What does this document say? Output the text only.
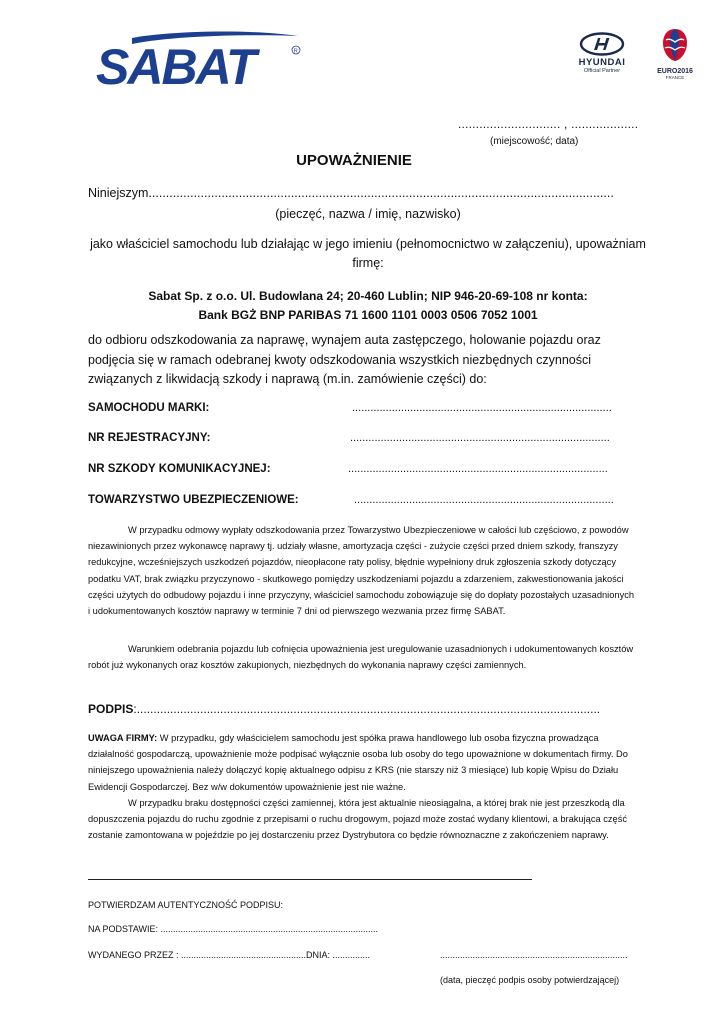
SABAT	R
HYUNDAI
Official Partner	EURO2016
FRANCE
............................. , ...................
(miejscowość; data)
UPOWAŻNIENIE
Niniejszym......................................................................................................................................
(pieczęć, nazwa / imię, nazwisko)
jako właściciel samochodu lub działając w jego imieniu (pełnomocnictwo w załączeniu), upoważniam firmę:
Sabat Sp. z o.o. Ul. Budowlana 24; 20-460 Lublin; NIP 946-20-69-108 nr konta:
Bank BGŻ BNP PARIBAS 71 1600 1101 0003 0506 7052 1001
do odbioru odszkodowania za naprawę, wynajem auta zastępczego, holowanie pojazdu oraz podjęcia się w ramach odebranej kwoty odszkodowania wszystkich niezbędnych czynności związanych z likwidacją szkody i naprawą (m.in. zamówienie części) do:
SAMOCHODU MARKI:	.....................................................................................
NR REJESTRACYJNY:	.....................................................................................
NR SZKODY KOMUNIKACYJNEJ:	.....................................................................................
TOWARZYSTWO UBEZPIECZENIOWE:	.....................................................................................
W przypadku odmowy wypłaty odszkodowania przez Towarzystwo Ubezpieczeniowe w całości lub częściowo, z powodów niezawinionych przez wykonawcę naprawy tj. udziały własne, amortyzacja części - zużycie części przed dniem szkody, franszyzy redukcyjne, wcześniejszych uszkodzeń pojazdów, nieopłacone raty polisy, błędnie wypełniony druk zgłoszenia szkody dotyczący podatku VAT, brak związku przyczynowo - skutkowego pomiędzy uszkodzeniami pojazdu a zdarzeniem, zakwestionowania jakości części użytych do odbudowy pojazdu i inne przyczyny, właściciel samochodu zobowiązuje się do dopłaty pozostałych uzasadnionych i udokumentowanych kosztów naprawy w terminie 7 dni od pierwszego wezwania przez firmę SABAT.
Warunkiem odebrania pojazdu lub cofnięcia upoważnienia jest uregulowanie uzasadnionych i udokumentowanych kosztów robót już wykonanych oraz kosztów zakupionych, niezbędnych do wykonania naprawy części zamiennych.
PODPIS:...........................................................................................................................................
UWAGA FIRMY: W przypadku, gdy właścicielem samochodu jest spółka prawa handlowego lub osoba fizyczna prowadząca działalność gospodarczą, upoważnienie może podpisać wyłącznie osoba lub osoby do tego upoważnione w dokumentach firmy. Do niniejszego upoważnienia należy dołączyć kopię aktualnego odpisu z KRS (nie starszy niż 3 miesiące) lub kopię Wpisu do Działu Ewidencji Gospodarczej. Bez w/w dokumentów upoważnienie jest nie ważne.
W przypadku braku dostępności części zamiennej, która jest aktualnie nieosiągalna, a której brak nie jest przeszkodą dla dopuszczenia pojazdu do ruchu zgodnie z przepisami o ruchu drogowym, pojazd może zostać wydany klientowi, a brakująca część zostanie zamontowana w pojeździe po jej dostarczeniu przez Dystrybutora co będzie równoznaczne z zakończeniem naprawy.
POTWIERDZAM AUTENTYCZNOŚĆ PODPISU:
NA PODSTAWIE: .......................................................................................
WYDANEGO PRZEZ : ..................................................DNIA: ...............	...........................................................................
(data, pieczęć podpis osoby potwierdzającej)
